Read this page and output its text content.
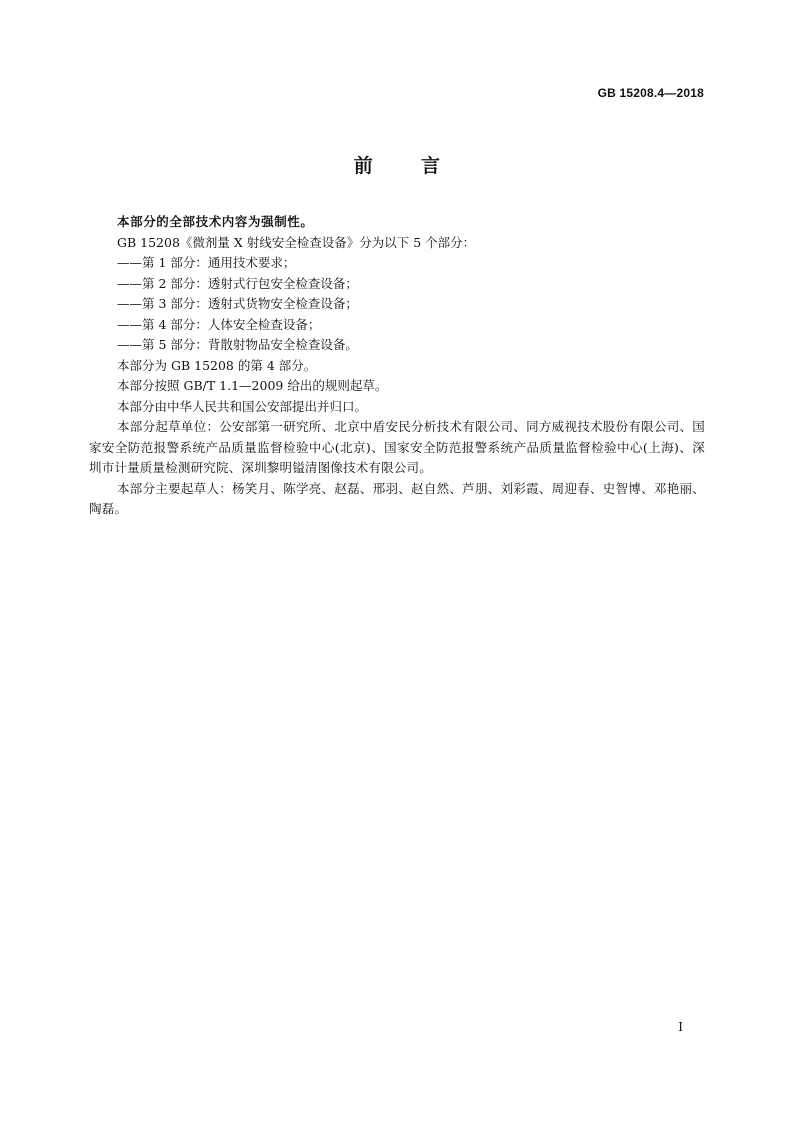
GB 15208.4—2018
前	言

本部分的全部技术内容为强制性。

GB 15208《微剂量 X 射线安全检查设备》分为以下 5 个部分：

——第 1 部分：通用技术要求；

——第 2 部分：透射式行包安全检查设备；

——第 3 部分：透射式货物安全检查设备；

——第 4 部分：人体安全检查设备；

——第 5 部分：背散射物品安全检查设备。

本部分为 GB 15208 的第 4 部分。

本部分按照 GB/T 1.1—2009 给出的规则起草。

本部分由中华人民共和国公安部提出并归口。

本部分起草单位：公安部第一研究所、北京中盾安民分析技术有限公司、同方威视技术股份有限公司、国家安全防范报警系统产品质量监督检验中心(北京)、国家安全防范报警系统产品质量监督检验中心(上海)、深圳市计量质量检测研究院、深圳黎明镒清图像技术有限公司。

本部分主要起草人：杨笑月、陈学亮、赵磊、邢羽、赵自然、芦朋、刘彩霞、周迎春、史智博、邓艳丽、陶磊。

I
